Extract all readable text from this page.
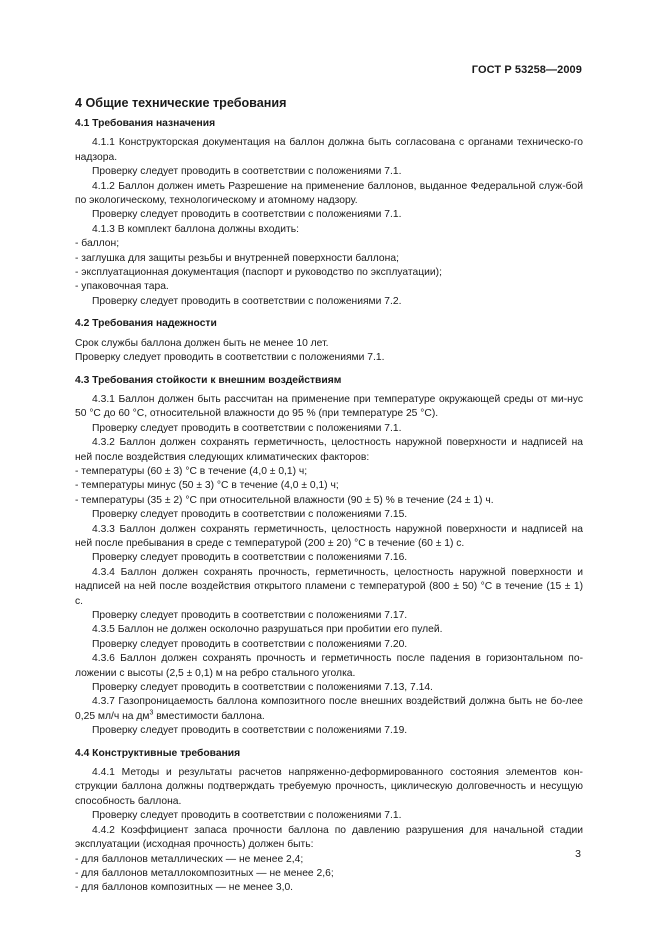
ГОСТ Р 53258—2009
4 Общие технические требования
4.1 Требования назначения

4.1.1 Конструкторская документация на баллон должна быть согласована с органами техническо-го надзора.

Проверку следует проводить в соответствии с положениями 7.1.

4.1.2 Баллон должен иметь Разрешение на применение баллонов, выданное Федеральной служ-бой по экологическому, технологическому и атомному надзору.

Проверку следует проводить в соответствии с положениями 7.1.

4.1.3 В комплект баллона должны входить:

- баллон;

- заглушка для защиты резьбы и внутренней поверхности баллона;

- эксплуатационная документация (паспорт и руководство по эксплуатации);

- упаковочная тара.

Проверку следует проводить в соответствии с положениями 7.2.

4.2 Требования надежности

Срок службы баллона должен быть не менее 10 лет.

Проверку следует проводить в соответствии с положениями 7.1.

4.3 Требования стойкости к внешним воздействиям

4.3.1 Баллон должен быть рассчитан на применение при температуре окружающей среды от ми-нус 50 °C до 60 °C, относительной влажности до 95 % (при температуре 25 °C).

Проверку следует проводить в соответствии с положениями 7.1.

4.3.2 Баллон должен сохранять герметичность, целостность наружной поверхности и надписей на ней после воздействия следующих климатических факторов:

- температуры (60 ± 3) °C в течение (4,0 ± 0,1) ч;

- температуры минус (50 ± 3) °C в течение (4,0 ± 0,1) ч;

- температуры (35 ± 2) °C при относительной влажности (90 ± 5) % в течение (24 ± 1) ч.

Проверку следует проводить в соответствии с положениями 7.15.

4.3.3 Баллон должен сохранять герметичность, целостность наружной поверхности и надписей на ней после пребывания в среде с температурой (200 ± 20) °C в течение (60 ± 1) с.

Проверку следует проводить в соответствии с положениями 7.16.

4.3.4 Баллон должен сохранять прочность, герметичность, целостность наружной поверхности и надписей на ней после воздействия открытого пламени с температурой (800 ± 50) °C в течение (15 ± 1) с.

Проверку следует проводить в соответствии с положениями 7.17.

4.3.5 Баллон не должен осколочно разрушаться при пробитии его пулей.

Проверку следует проводить в соответствии с положениями 7.20.

4.3.6 Баллон должен сохранять прочность и герметичность после падения в горизонтальном по-ложении с высоты (2,5 ± 0,1) м на ребро стального уголка.

Проверку следует проводить в соответствии с положениями 7.13, 7.14.

4.3.7 Газопроницаемость баллона композитного после внешних воздействий должна быть не бо-лее 0,25 мл/ч на $дм^3$ вместимости баллона.

Проверку следует проводить в соответствии с положениями 7.19.

4.4 Конструктивные требования

4.4.1 Методы и результаты расчетов напряженно-деформированного состояния элементов кон-струкции баллона должны подтверждать требуемую прочность, циклическую долговечность и несущую способность баллона.

Проверку следует проводить в соответствии с положениями 7.1.

4.4.2 Коэффициент запаса прочности баллона по давлению разрушения для начальной стадии эксплуатации (исходная прочность) должен быть:

- для баллонов металлических — не менее 2,4;

- для баллонов металлокомпозитных — не менее 2,6;

- для баллонов композитных — не менее 3,0.

3
